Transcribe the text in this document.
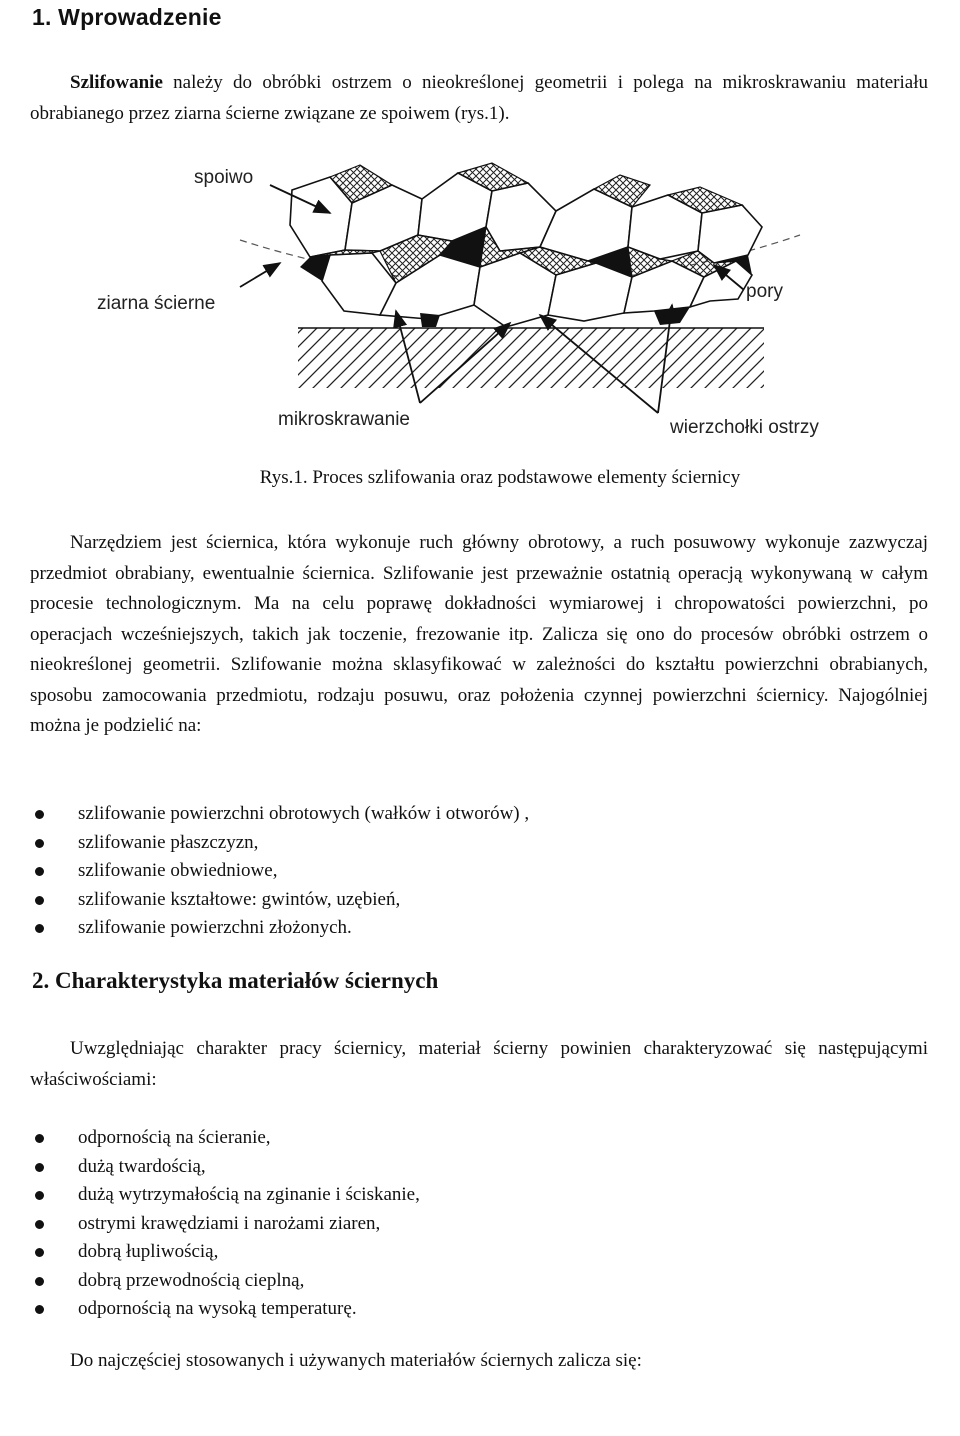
1. Wprowadzenie

Szlifowanie należy do obróbki ostrzem o nieokreślonej geometrii i polega na mikroskrawaniu materiału obrabianego przez ziarna ścierne związane ze spoiwem (rys.1).

spoiwo
ziarna ścierne
pory
mikroskrawanie	wierzchołki ostrzy
Rys.1. Proces szlifowania oraz podstawowe elementy ściernicy

Narzędziem jest ściernica, która wykonuje ruch główny obrotowy, a ruch posuwowy wykonuje zazwyczaj przedmiot obrabiany, ewentualnie ściernica. Szlifowanie jest przeważnie ostatnią operacją wykonywaną w całym procesie technologicznym. Ma na celu poprawę dokładności wymiarowej i chropowatości powierzchni, po operacjach wcześniejszych, takich jak toczenie, frezowanie itp. Zalicza się ono do procesów obróbki ostrzem o nieokreślonej geometrii. Szlifowanie można sklasyfikować w zależności do kształtu powierzchni obrabianych, sposobu zamocowania przedmiotu, rodzaju posuwu, oraz położenia czynnej powierzchni ściernicy. Najogólniej można je podzielić na:

szlifowanie powierzchni obrotowych (wałków i otworów) ,
szlifowanie płaszczyzn,
szlifowanie obwiedniowe,
szlifowanie kształtowe: gwintów, uzębień,
szlifowanie powierzchni złożonych.
2. Charakterystyka materiałów ściernych

Uwzględniając charakter pracy ściernicy, materiał ścierny powinien charakteryzować się następującymi właściwościami:

odpornością na ścieranie,
dużą twardością,
dużą wytrzymałością na zginanie i ściskanie,
ostrymi krawędziami i narożami ziaren,
dobrą łupliwością,
dobrą przewodnością cieplną,
odpornością na wysoką temperaturę.

Do najczęściej stosowanych i używanych materiałów ściernych zalicza się:
